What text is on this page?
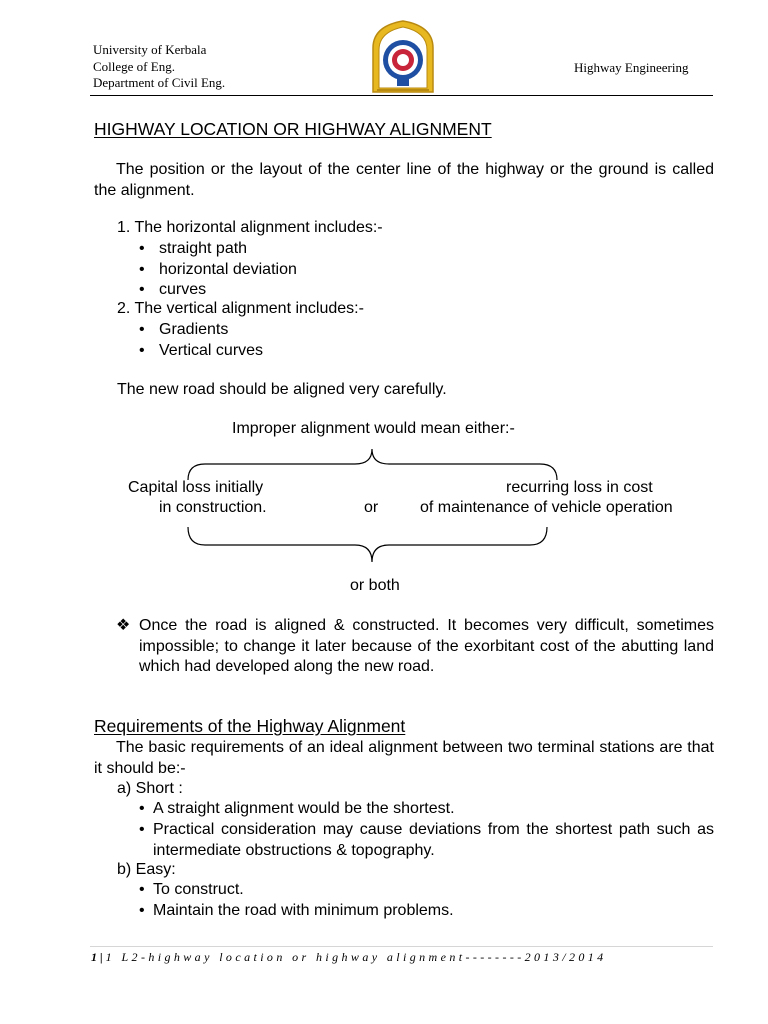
University of Kerbala
College of Eng.
Department of Civil Eng.
Highway Engineering
HIGHWAY LOCATION OR HIGHWAY ALIGNMENT
The position or the layout of the center line of the highway or the ground is called the alignment.
1. The horizontal alignment includes:-
• straight path
• horizontal deviation
• curves
2. The vertical alignment includes:-
• Gradients
• Vertical curves
The new road should be aligned very carefully.
Improper alignment would mean either:-
Capital loss initially
in construction.	or
recurring loss in cost
of maintenance of vehicle operation
or both
❖ Once the road is aligned & constructed. It becomes very difficult, sometimes impossible; to change it later because of the exorbitant cost of the abutting land which had developed along the new road.
Requirements of the Highway Alignment
The basic requirements of an ideal alignment between two terminal stations are that it should be:-
a) Short :
• A straight alignment would be the shortest.
• Practical consideration may cause deviations from the shortest path such as intermediate obstructions & topography.
b) Easy:
• To construct.
• Maintain the road with minimum problems.
1 | 1 L2-highway location or highway alignment--------2013/2014
